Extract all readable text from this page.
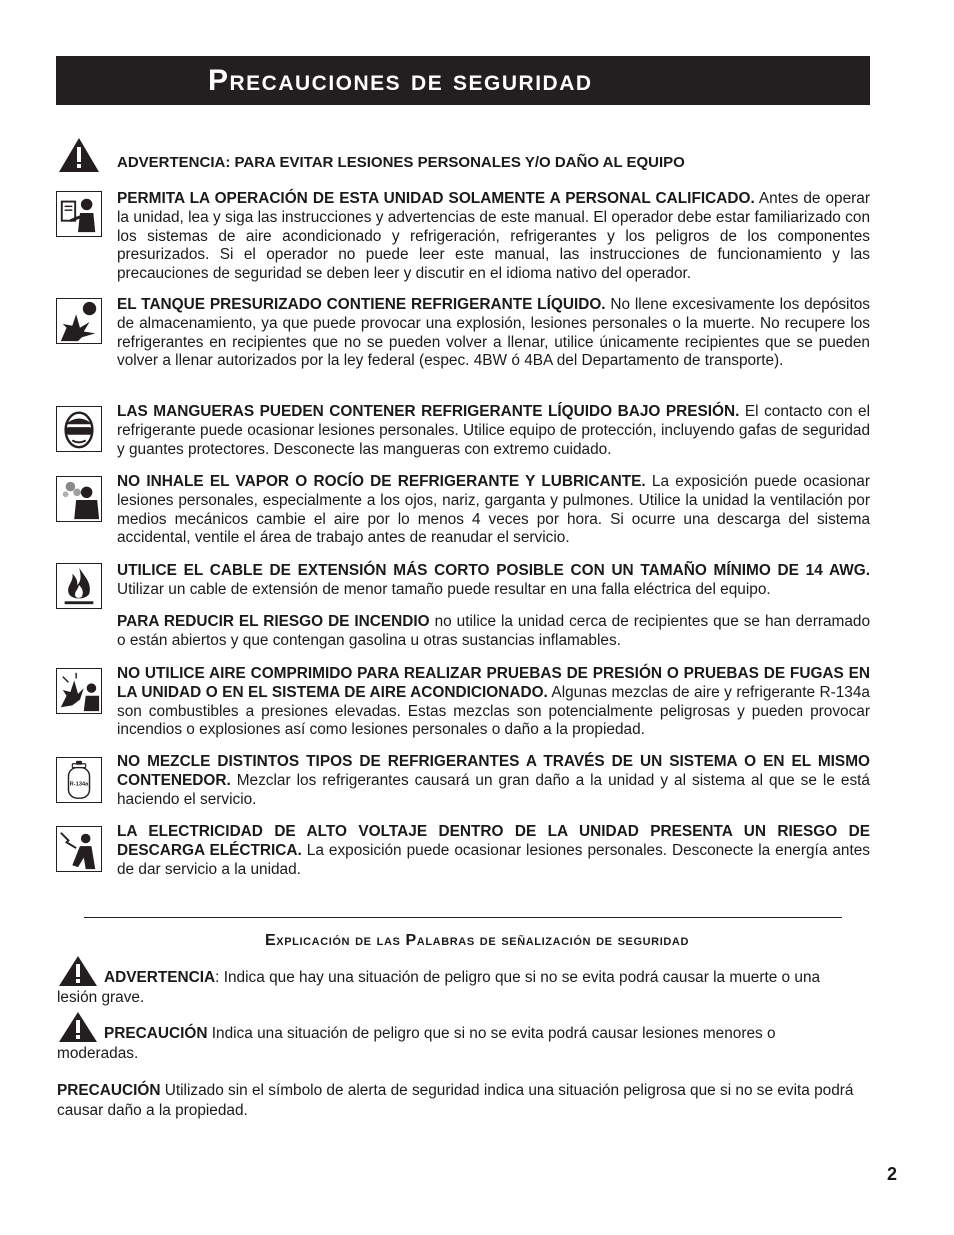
Precauciones de seguridad
ADVERTENCIA: PARA EVITAR LESIONES PERSONALES Y/O DAÑO AL EQUIPO
PERMITA LA OPERACIÓN DE ESTA UNIDAD SOLAMENTE A PERSONAL CALIFICADO. Antes de operar la unidad, lea y siga las instrucciones y advertencias de este manual. El operador debe estar familiarizado con los sistemas de aire acondicionado y refrigeración, refrigerantes y los peligros de los componentes presurizados. Si el operador no puede leer este manual, las instrucciones de funcionamiento y las precauciones de seguridad se deben leer y discutir en el idioma nativo del operador.
EL TANQUE PRESURIZADO CONTIENE REFRIGERANTE LÍQUIDO. No llene excesivamente los depósitos de almacenamiento, ya que puede provocar una explosión, lesiones personales o la muerte. No recupere los refrigerantes en recipientes que no se pueden volver a llenar, utilice únicamente recipientes que se pueden volver a llenar autorizados por la ley federal (espec. 4BW ó 4BA del Departamento de transporte).
LAS MANGUERAS PUEDEN CONTENER REFRIGERANTE LÍQUIDO BAJO PRESIÓN. El contacto con el refrigerante puede ocasionar lesiones personales. Utilice equipo de protección, incluyendo gafas de seguridad y guantes protectores. Desconecte las mangueras con extremo cuidado.
NO INHALE EL VAPOR O ROCÍO DE REFRIGERANTE Y LUBRICANTE. La exposición puede ocasionar lesiones personales, especialmente a los ojos, nariz, garganta y pulmones. Utilice la unidad la ventilación por medios mecánicos cambie el aire por lo menos 4 veces por hora. Si ocurre una descarga del sistema accidental, ventile el área de trabajo antes de reanudar el servicio.
UTILICE EL CABLE DE EXTENSIÓN MÁS CORTO POSIBLE CON UN TAMAÑO MÍNIMO DE 14 AWG. Utilizar un cable de extensión de menor tamaño puede resultar en una falla eléctrica del equipo.
PARA REDUCIR EL RIESGO DE INCENDIO no utilice la unidad cerca de recipientes que se han derramado o están abiertos y que contengan gasolina u otras sustancias inflamables.
NO UTILICE AIRE COMPRIMIDO PARA REALIZAR PRUEBAS DE PRESIÓN O PRUEBAS DE FUGAS EN LA UNIDAD O EN EL SISTEMA DE AIRE ACONDICIONADO. Algunas mezclas de aire y refrigerante R-134a son combustibles a presiones elevadas. Estas mezclas son potencialmente peligrosas y pueden provocar incendios o explosiones así como lesiones personales o daño a la propiedad.
R-134a
NO MEZCLE DISTINTOS TIPOS DE REFRIGERANTES A TRAVÉS DE UN SISTEMA O EN EL MISMO CONTENEDOR. Mezclar los refrigerantes causará un gran daño a la unidad y al sistema al que se le está haciendo el servicio.
LA ELECTRICIDAD DE ALTO VOLTAJE DENTRO DE LA UNIDAD PRESENTA UN RIESGO DE DESCARGA ELÉCTRICA. La exposición puede ocasionar lesiones personales. Desconecte la energía antes de dar servicio a la unidad.
Explicación de las Palabras de señalización de seguridad
ADVERTENCIA: Indica que hay una situación de peligro que si no se evita podrá causar la muerte o una lesión grave.
PRECAUCIÓN Indica una situación de peligro que si no se evita podrá causar lesiones menores o moderadas.
PRECAUCIÓN Utilizado sin el símbolo de alerta de seguridad indica una situación peligrosa que si no se evita podrá causar daño a la propiedad.
2
